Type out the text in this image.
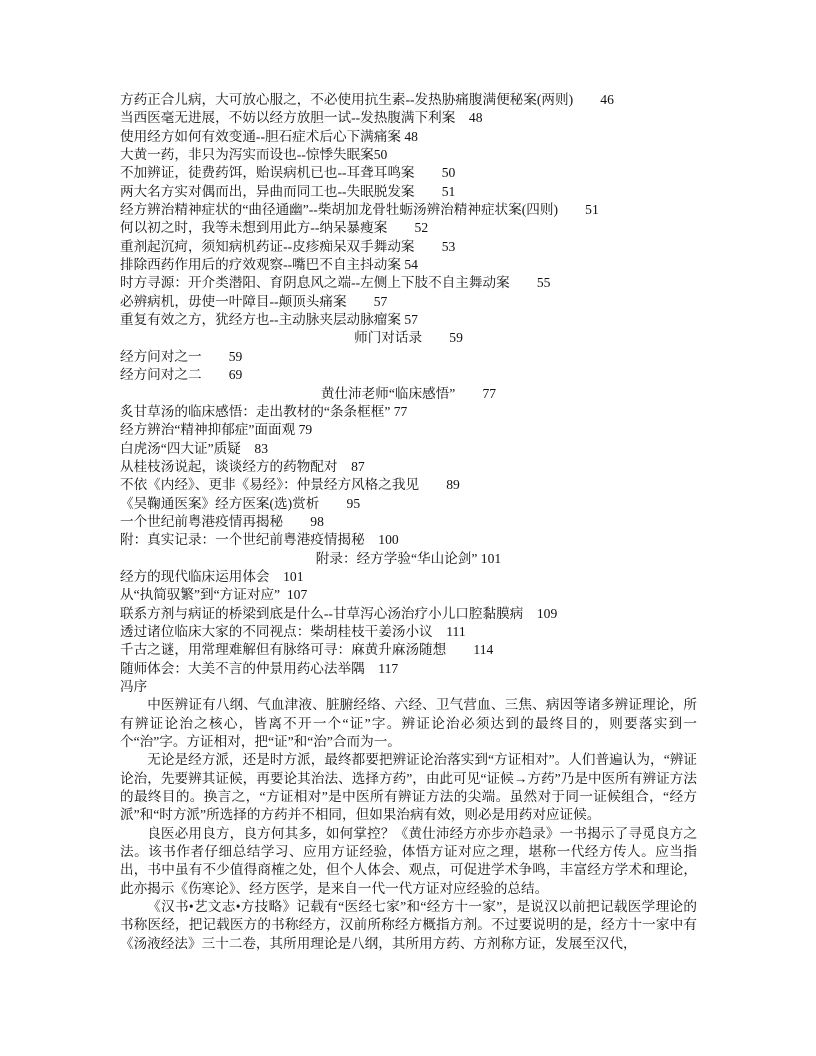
方药正合儿病，大可放心服之，不必使用抗生素--发热胁痛腹满便秘案(两则)　　46
当西医毫无进展，不妨以经方放胆一试--发热腹满下利案　48
使用经方如何有效变通--胆石症术后心下满痛案 48
大黄一药，非只为泻实而设也--惊悸失眠案50
不加辨证，徒费药饵，贻误病机已也--耳聋耳鸣案　　50
两大名方实对偶而出，异曲而同工也--失眠脱发案　　51
经方辨治精神症状的“曲径通幽”--柴胡加龙骨牡蛎汤辨治精神症状案(四则)　　51
何以初之时，我等未想到用此方--纳呆暴瘦案　　52
重剂起沉疴，须知病机药证--皮疹痴呆双手舞动案　　53
排除西药作用后的疗效观察--嘴巴不自主抖动案 54
时方寻源：开介类潜阳、育阴息风之端--左侧上下肢不自主舞动案　　55
必辨病机，毋使一叶障目--颠顶头痛案　　57
重复有效之方，犹经方也--主动脉夹层动脉瘤案 57
师门对话录　　59
经方问对之一　　59
经方问对之二　　69
黄仕沛老师“临床感悟”　　77
炙甘草汤的临床感悟：走出教材的“条条框框” 77
经方辨治“精神抑郁症”面面观 79
白虎汤“四大证”质疑　83
从桂枝汤说起，谈谈经方的药物配对　87
不依《内经》、更非《易经》：仲景经方风格之我见　　89
《吴鞠通医案》经方医案(选)赏析　　95
一个世纪前粤港疫情再揭秘　　98
附：真实记录：一个世纪前粤港疫情揭秘　100
附录：经方学验“华山论剑” 101
经方的现代临床运用体会　101
从“执简驭繁”到“方证对应”  107
联系方剂与病证的桥梁到底是什么--甘草泻心汤治疗小儿口腔黏膜病　109
透过诸位临床大家的不同视点：柴胡桂枝干姜汤小议　111
千古之谜，用常理难解但有脉络可寻：麻黄升麻汤随想　　114
随师体会：大美不言的仲景用药心法举隅　117
冯序

中医辨证有八纲、气血津液、脏腑经络、六经、卫气营血、三焦、病因等诸多辨证理论，所有辨证论治之核心，皆离不开一个“证”字。辨证论治必须达到的最终目的，则要落实到一个“治”字。方证相对，把“证”和“治”合而为一。

无论是经方派，还是时方派，最终都要把辨证论治落实到“方证相对”。人们普遍认为，“辨证论治，先要辨其证候，再要论其治法、选择方药”，由此可见“证候→方药”乃是中医所有辨证方法的最终目的。换言之，“方证相对”是中医所有辨证方法的尖端。虽然对于同一证候组合，“经方派”和“时方派”所选择的方药并不相同，但如果治病有效，则必是用药对应证候。

良医必用良方，良方何其多，如何掌控？《黄仕沛经方亦步亦趋录》一书揭示了寻觅良方之法。该书作者仔细总结学习、应用方证经验，体悟方证对应之理，堪称一代经方传人。应当指出，书中虽有不少值得商榷之处，但个人体会、观点，可促进学术争鸣，丰富经方学术和理论，此亦揭示《伤寒论》、经方医学，是来自一代一代方证对应经验的总结。

《汉书•艺文志•方技略》记载有“医经七家”和“经方十一家”，是说汉以前把记载医学理论的书称医经，把记载医方的书称经方，汉前所称经方概指方剂。不过要说明的是，经方十一家中有《汤液经法》三十二卷，其所用理论是八纲，其所用方药、方剂称方证，发展至汉代，
